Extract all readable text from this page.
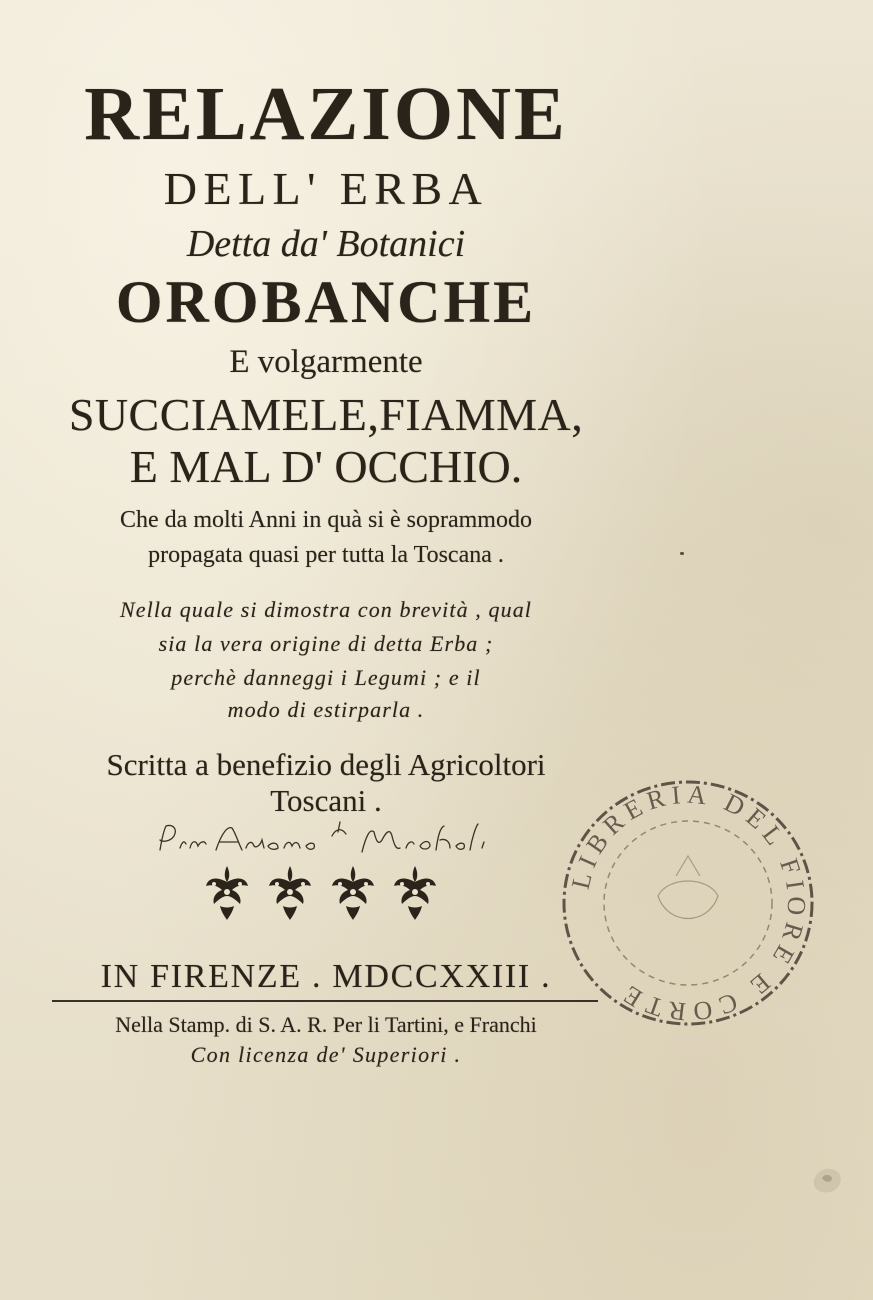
RELAZIONE
DELL' ERBA
Detta da' Botanici
OROBANCHE
E volgarmente
SUCCIAMELE,FIAMMA,
E MAL D' OCCHIO.
Che da molti Anni in quà si è soprammodo
propagata quasi per tutta la Toscana .
Nella quale si dimostra con brevità , qual
sia la vera origine di detta Erba ;
perchè danneggi i Legumi ; e il
modo di estirparla .
Scritta a benefizio degli Agricoltori
Toscani .
IN FIRENZE . MDCCXXIII .
Nella Stamp. di S. A. R. Per li Tartini, e Franchi
Con licenza de' Superiori .
LIBRERIA DEL FIORE E CORTE
